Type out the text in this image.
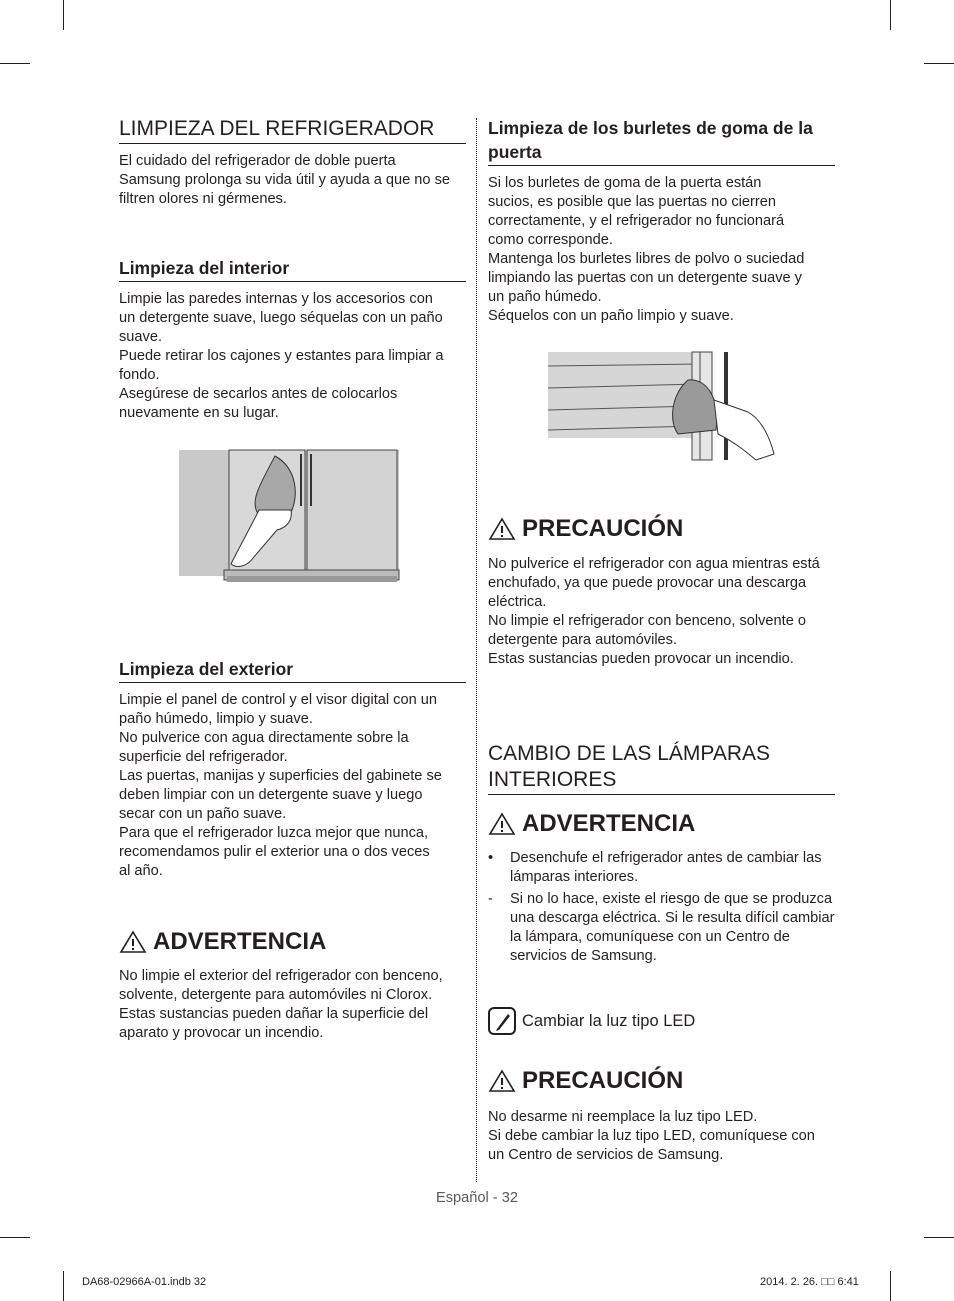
LIMPIEZA DEL REFRIGERADOR
El cuidado del refrigerador de doble puerta
Samsung prolonga su vida útil y ayuda a que no se
filtren olores ni gérmenes.
Limpieza del interior
Limpie las paredes internas y los accesorios con
un detergente suave, luego séquelas con un paño
suave.
Puede retirar los cajones y estantes para limpiar a
fondo.
Asegúrese de secarlos antes de colocarlos
nuevamente en su lugar.
Limpieza del exterior
Limpie el panel de control y el visor digital con un
paño húmedo, limpio y suave.
No pulverice con agua directamente sobre la
superficie del refrigerador.
Las puertas, manijas y superficies del gabinete se
deben limpiar con un detergente suave y luego
secar con un paño suave.
Para que el refrigerador luzca mejor que nunca,
recomendamos pulir el exterior una o dos veces
al año.
ADVERTENCIA
No limpie el exterior del refrigerador con benceno,
solvente, detergente para automóviles ni Clorox.
Estas sustancias pueden dañar la superficie del
aparato y provocar un incendio.
Limpieza de los burletes de goma de la puerta
Si los burletes de goma de la puerta están
sucios, es posible que las puertas no cierren
correctamente, y el refrigerador no funcionará
como corresponde.
Mantenga los burletes libres de polvo o suciedad
limpiando las puertas con un detergente suave y
un paño húmedo.
Séquelos con un paño limpio y suave.
PRECAUCIÓN
No pulverice el refrigerador con agua mientras está
enchufado, ya que puede provocar una descarga
eléctrica.
No limpie el refrigerador con benceno, solvente o
detergente para automóviles.
Estas sustancias pueden provocar un incendio.
CAMBIO DE LAS LÁMPARAS INTERIORES
ADVERTENCIA
• Desenchufe el refrigerador antes de cambiar las lámparas interiores.
- Si no lo hace, existe el riesgo de que se produzca una descarga eléctrica. Si le resulta difícil cambiar la lámpara, comuníquese con un Centro de servicios de Samsung.
Cambiar la luz tipo LED
PRECAUCIÓN
No desarme ni reemplace la luz tipo LED.
Si debe cambiar la luz tipo LED, comuníquese con
un Centro de servicios de Samsung.
Español - 32
DA68-02966A-01.indb 32	2014. 2. 26. □□ 6:41
